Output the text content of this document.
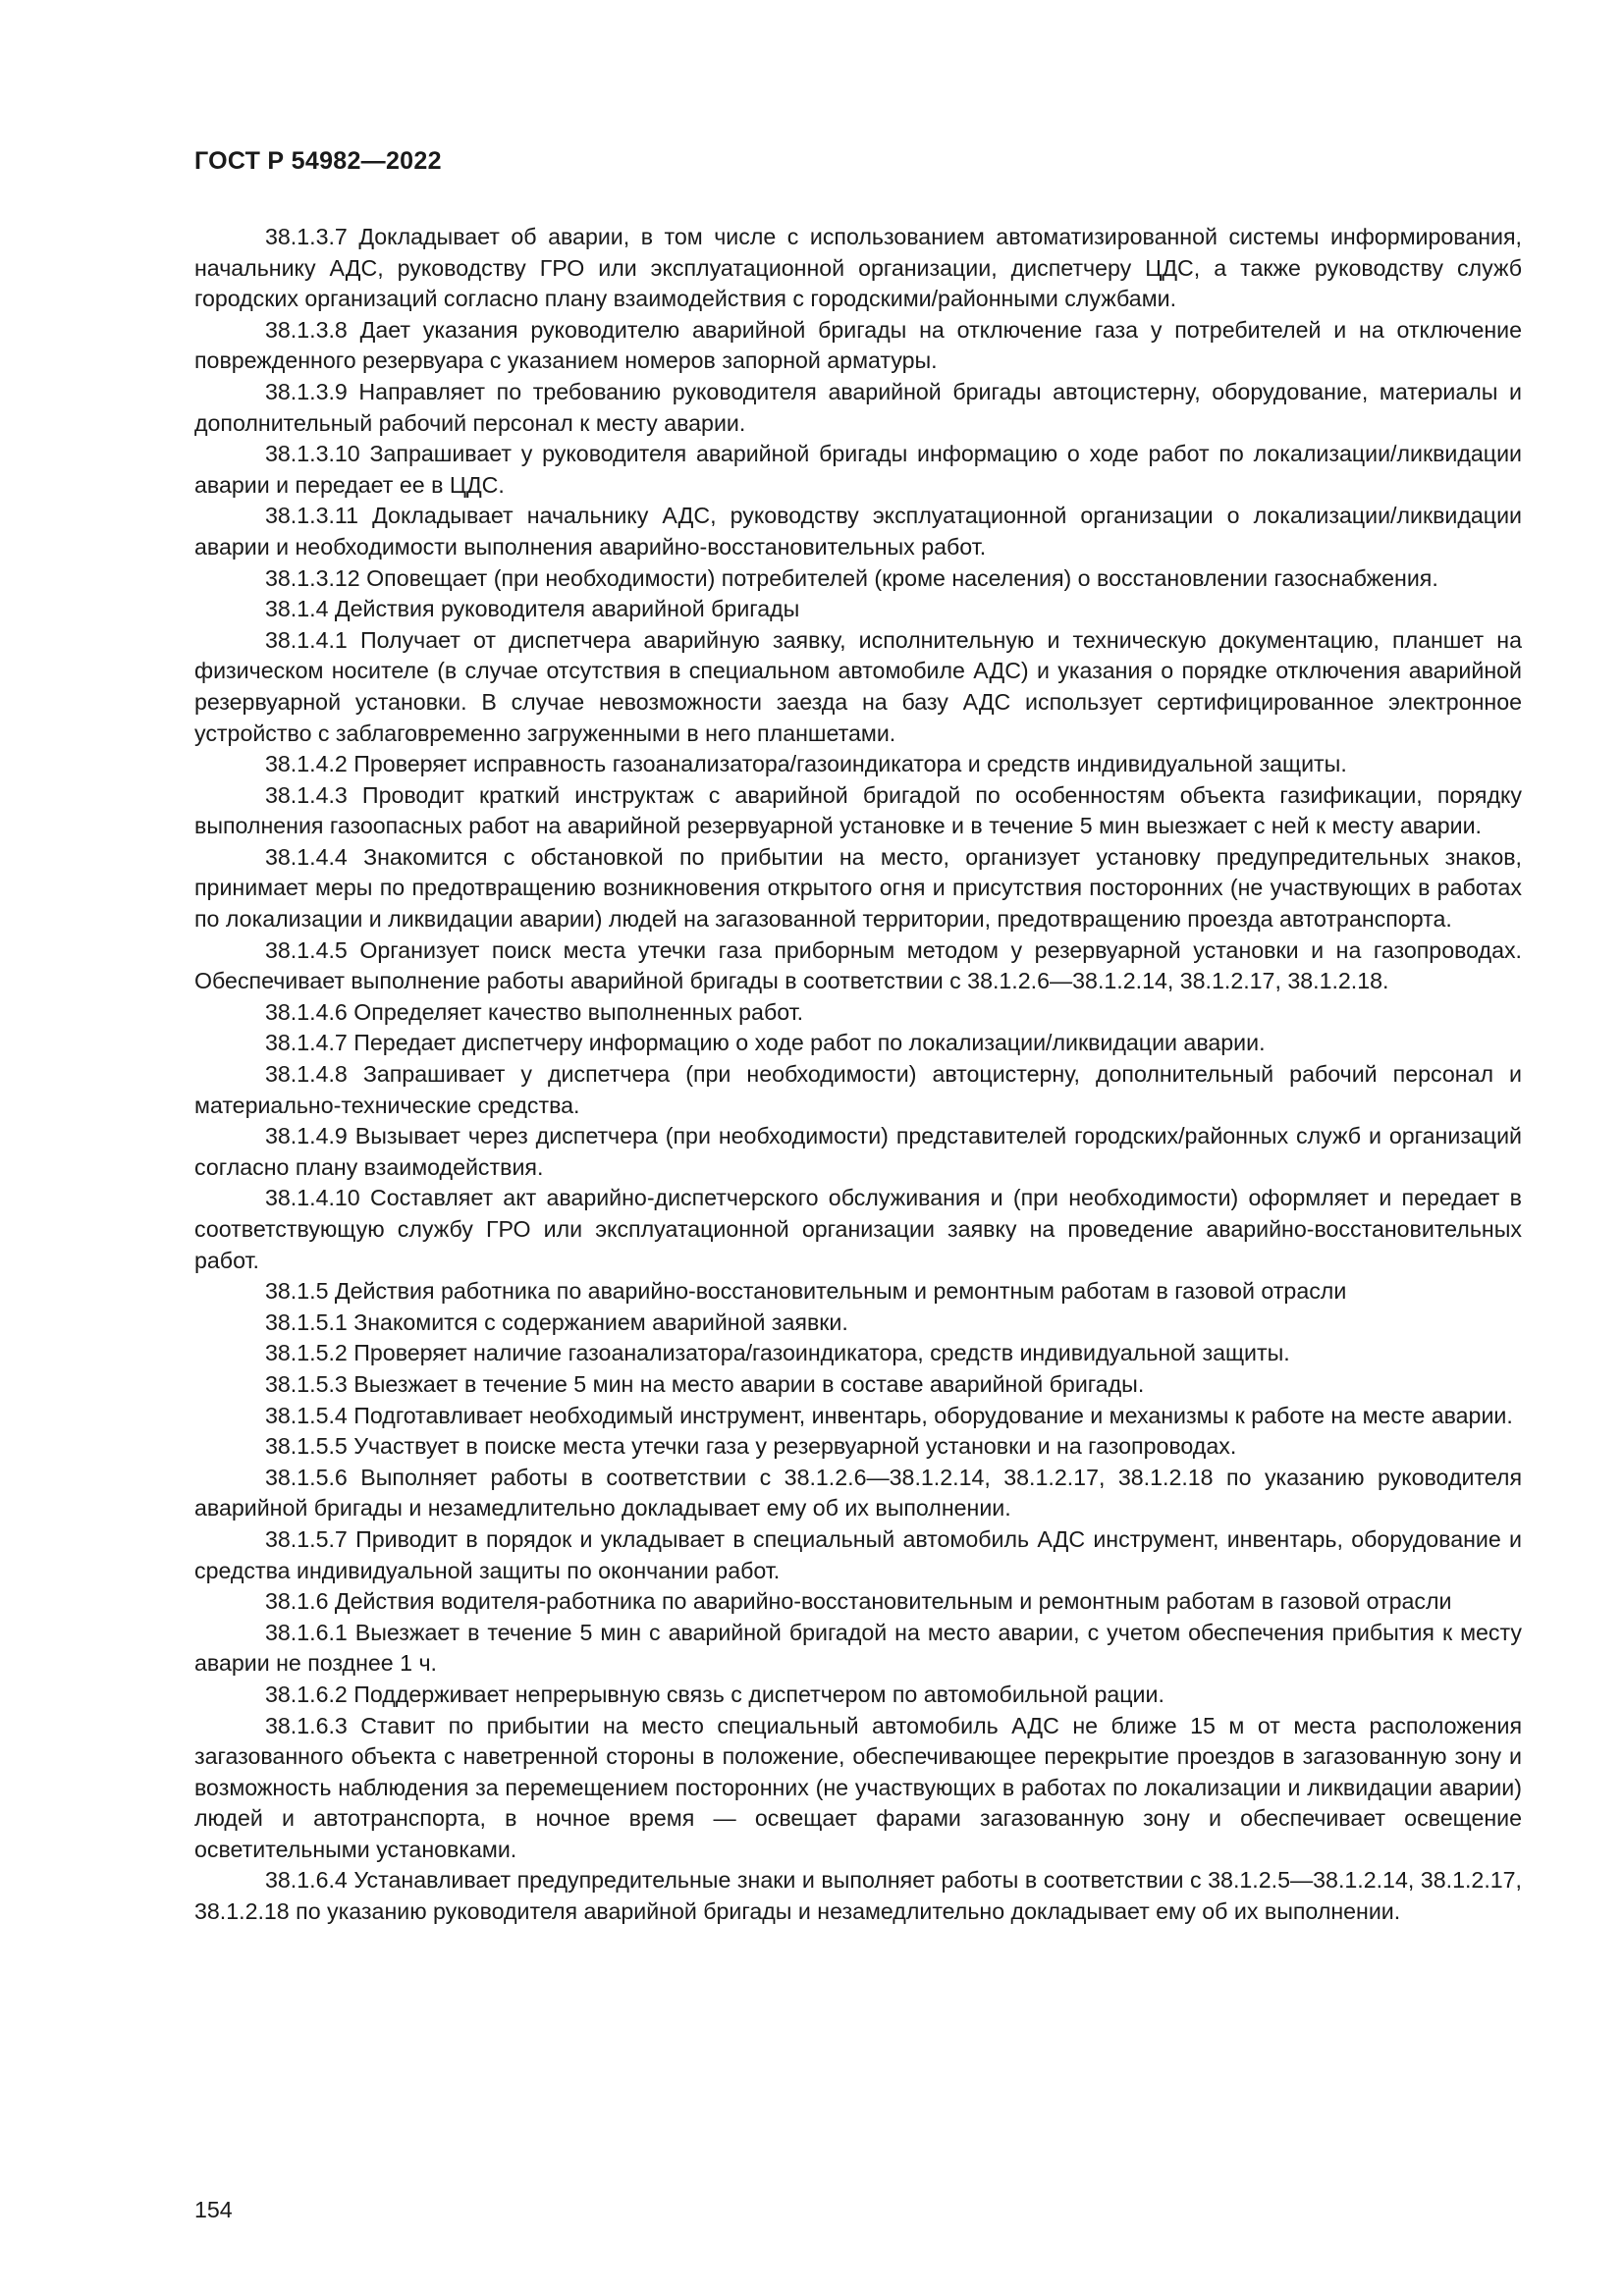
ГОСТ Р 54982—2022

38.1.3.7 Докладывает об аварии, в том числе с использованием автоматизированной системы информирования, начальнику АДС, руководству ГРО или эксплуатационной организации, диспетчеру ЦДС, а также руководству служб городских организаций согласно плану взаимодействия с городскими/районными службами.

38.1.3.8 Дает указания руководителю аварийной бригады на отключение газа у потребителей и на отключение поврежденного резервуара с указанием номеров запорной арматуры.

38.1.3.9 Направляет по требованию руководителя аварийной бригады автоцистерну, оборудование, материалы и дополнительный рабочий персонал к месту аварии.

38.1.3.10 Запрашивает у руководителя аварийной бригады информацию о ходе работ по локализации/ликвидации аварии и передает ее в ЦДС.

38.1.3.11 Докладывает начальнику АДС, руководству эксплуатационной организации о локализации/ликвидации аварии и необходимости выполнения аварийно-восстановительных работ.

38.1.3.12 Оповещает (при необходимости) потребителей (кроме населения) о восстановлении газоснабжения.

38.1.4 Действия руководителя аварийной бригады

38.1.4.1 Получает от диспетчера аварийную заявку, исполнительную и техническую документацию, планшет на физическом носителе (в случае отсутствия в специальном автомобиле АДС) и указания о порядке отключения аварийной резервуарной установки. В случае невозможности заезда на базу АДС использует сертифицированное электронное устройство с заблаговременно загруженными в него планшетами.

38.1.4.2 Проверяет исправность газоанализатора/газоиндикатора и средств индивидуальной защиты.

38.1.4.3 Проводит краткий инструктаж с аварийной бригадой по особенностям объекта газификации, порядку выполнения газоопасных работ на аварийной резервуарной установке и в течение 5 мин выезжает с ней к месту аварии.

38.1.4.4 Знакомится с обстановкой по прибытии на место, организует установку предупредительных знаков, принимает меры по предотвращению возникновения открытого огня и присутствия посторонних (не участвующих в работах по локализации и ликвидации аварии) людей на загазованной территории, предотвращению проезда автотранспорта.

38.1.4.5 Организует поиск места утечки газа приборным методом у резервуарной установки и на газопроводах. Обеспечивает выполнение работы аварийной бригады в соответствии с 38.1.2.6—38.1.2.14, 38.1.2.17, 38.1.2.18.

38.1.4.6 Определяет качество выполненных работ.

38.1.4.7 Передает диспетчеру информацию о ходе работ по локализации/ликвидации аварии.

38.1.4.8 Запрашивает у диспетчера (при необходимости) автоцистерну, дополнительный рабочий персонал и материально-технические средства.

38.1.4.9 Вызывает через диспетчера (при необходимости) представителей городских/районных служб и организаций согласно плану взаимодействия.

38.1.4.10 Составляет акт аварийно-диспетчерского обслуживания и (при необходимости) оформляет и передает в соответствующую службу ГРО или эксплуатационной организации заявку на проведение аварийно-восстановительных работ.

38.1.5 Действия работника по аварийно-восстановительным и ремонтным работам в газовой отрасли

38.1.5.1 Знакомится с содержанием аварийной заявки.

38.1.5.2 Проверяет наличие газоанализатора/газоиндикатора, средств индивидуальной защиты.

38.1.5.3 Выезжает в течение 5 мин на место аварии в составе аварийной бригады.

38.1.5.4 Подготавливает необходимый инструмент, инвентарь, оборудование и механизмы к работе на месте аварии.

38.1.5.5 Участвует в поиске места утечки газа у резервуарной установки и на газопроводах.

38.1.5.6 Выполняет работы в соответствии с 38.1.2.6—38.1.2.14, 38.1.2.17, 38.1.2.18 по указанию руководителя аварийной бригады и незамедлительно докладывает ему об их выполнении.

38.1.5.7 Приводит в порядок и укладывает в специальный автомобиль АДС инструмент, инвентарь, оборудование и средства индивидуальной защиты по окончании работ.

38.1.6 Действия водителя-работника по аварийно-восстановительным и ремонтным работам в газовой отрасли

38.1.6.1 Выезжает в течение 5 мин с аварийной бригадой на место аварии, с учетом обеспечения прибытия к месту аварии не позднее 1 ч.

38.1.6.2 Поддерживает непрерывную связь с диспетчером по автомобильной рации.

38.1.6.3 Ставит по прибытии на место специальный автомобиль АДС не ближе 15 м от места расположения загазованного объекта с наветренной стороны в положение, обеспечивающее перекрытие проездов в загазованную зону и возможность наблюдения за перемещением посторонних (не участвующих в работах по локализации и ликвидации аварии) людей и автотранспорта, в ночное время — освещает фарами загазованную зону и обеспечивает освещение осветительными установками.

38.1.6.4 Устанавливает предупредительные знаки и выполняет работы в соответствии с 38.1.2.5—38.1.2.14, 38.1.2.17, 38.1.2.18 по указанию руководителя аварийной бригады и незамедлительно докладывает ему об их выполнении.

154
